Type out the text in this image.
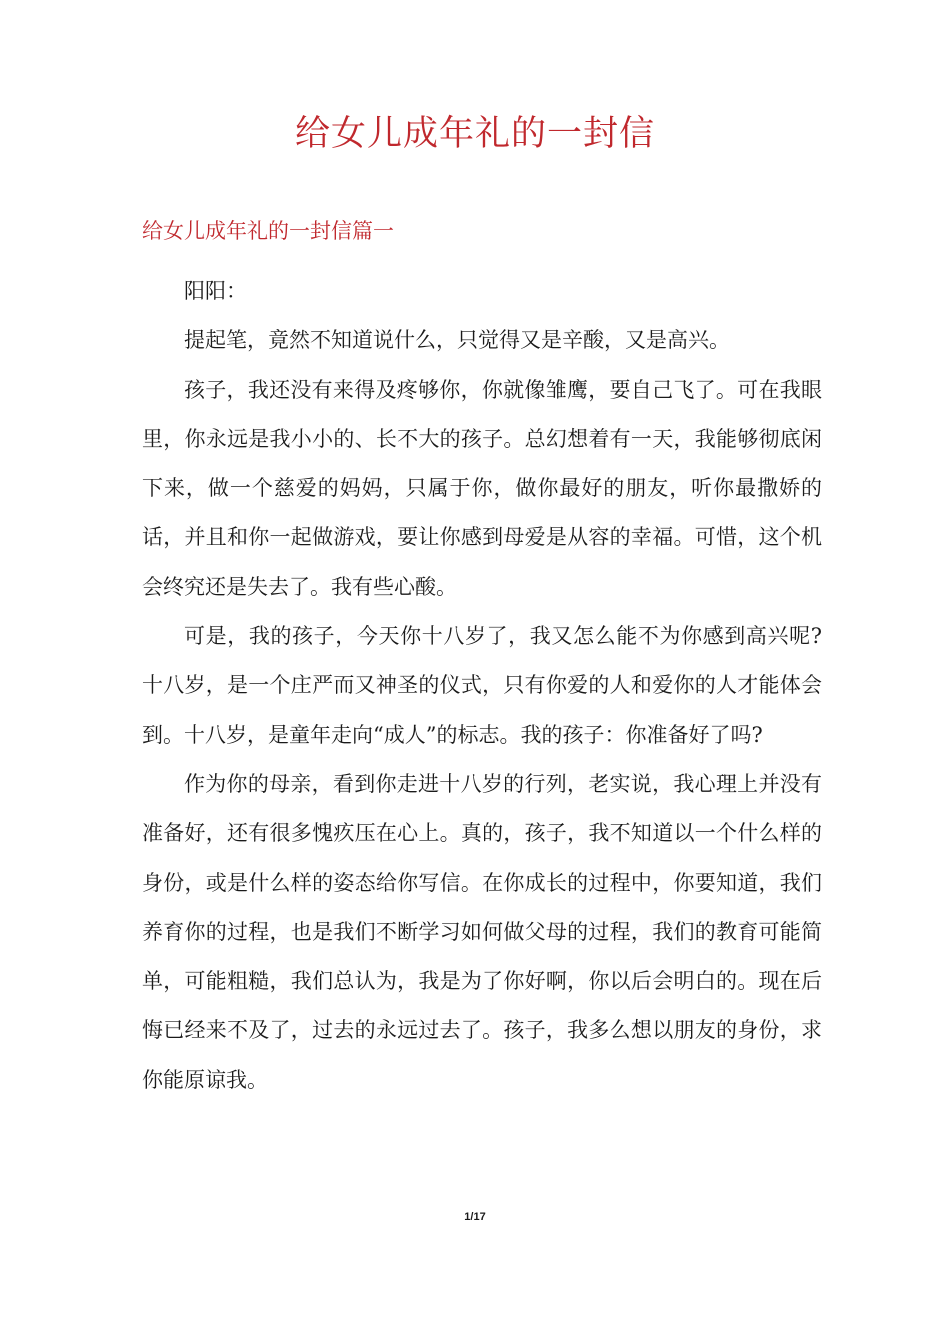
给女儿成年礼的一封信
给女儿成年礼的一封信篇一

阳阳：

提起笔，竟然不知道说什么，只觉得又是辛酸，又是高兴。

孩子，我还没有来得及疼够你，你就像雏鹰，要自己飞了。可在我眼里，你永远是我小小的、长不大的孩子。总幻想着有一天，我能够彻底闲下来，做一个慈爱的妈妈，只属于你，做你最好的朋友，听你最撒娇的话，并且和你一起做游戏，要让你感到母爱是从容的幸福。可惜，这个机会终究还是失去了。我有些心酸。

可是，我的孩子，今天你十八岁了，我又怎么能不为你感到高兴呢?十八岁，是一个庄严而又神圣的仪式，只有你爱的人和爱你的人才能体会到。十八岁，是童年走向“成人”的标志。我的孩子：你准备好了吗?

作为你的母亲，看到你走进十八岁的行列，老实说，我心理上并没有准备好，还有很多愧疚压在心上。真的，孩子，我不知道以一个什么样的身份，或是什么样的姿态给你写信。在你成长的过程中，你要知道，我们养育你的过程，也是我们不断学习如何做父母的过程，我们的教育可能简单，可能粗糙，我们总认为，我是为了你好啊，你以后会明白的。现在后悔已经来不及了，过去的永远过去了。孩子，我多么想以朋友的身份，求你能原谅我。

1/17
